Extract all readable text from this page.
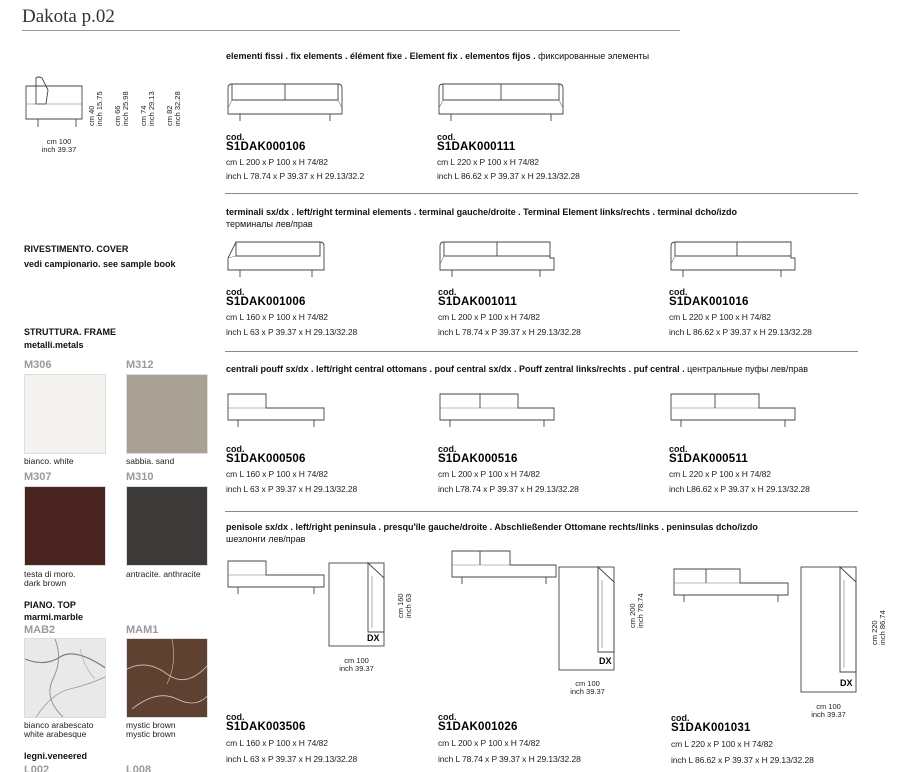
Dakota p.02
cm 100
inch 39.37
cm 40
inch 15.75
cm 66
inch 25.98
cm 74
inch 29.13
cm 82
inch 32.28
RIVESTIMENTO. COVER
vedi campionario. see sample book
STRUTTURA. FRAME
metalli.metals
M306
bianco. white
M312
sabbia. sand
M307
testa di moro.
dark brown
M310
antracite. anthracite
PIANO. TOP
marmi.marble
MAB2
bianco arabescato
white arabesque
MAM1
mystic brown
mystic brown
legni.veneered
L002	L008
elementi fissi . fix elements . élément fixe . Element fix . elementos fijos . фиксированные элементы
cod.
S1DAK000106
cm L 200 x P 100 x H 74/82
inch L 78.74 x P 39.37 x H 29.13/32.2
cod.
S1DAK000111
cm L 220 x P 100 x H 74/82
inch L 86.62 x P 39.37 x H 29.13/32.28
terminali sx/dx . left/right terminal elements . terminal gauche/droite . Terminal Element links/rechts . terminal dcho/izdo
терминалы лев/прав
cod.
S1DAK001006
cm L 160 x P 100 x H 74/82
inch L 63 x P 39.37 x H 29.13/32.28
cod.
S1DAK001011
cm L 200 x P 100 x H 74/82
inch L 78.74 x P 39.37 x H 29.13/32.28
cod.
S1DAK001016
cm L 220 x P 100 x H 74/82
inch L 86.62 x P 39.37 x H 29.13/32.28
centrali pouff sx/dx . left/right central ottomans . pouf central sx/dx . Pouff zentral links/rechts . puf central . центральные пуфы лев/прав
cod.
S1DAK000506
cm L 160 x P 100 x H 74/82
inch L 63 x P 39.37 x H 29.13/32.28
cod.
S1DAK000516
cm L 200 x P 100 x H 74/82
inch L78.74 x P 39.37 x H 29.13/32.28
cod.
S1DAK000511
cm L 220 x P 100 x H 74/82
inch L86.62 x P 39.37 x H 29.13/32.28
penisole sx/dx . left/right peninsula . presqu'île gauche/droite . Abschließender Ottomane rechts/links . peninsulas dcho/izdo
шезлонги лев/прав
DX
cm 160 inch 63
cm 100
inch 39.37
cod.
S1DAK003506
cm L 160 x P 100 x H 74/82
inch L 63 x P 39.37 x H 29.13/32.28
DX
cm 200 inch 78.74
cm 100
inch 39.37
cod.
S1DAK001026
cm L 200 x P 100 x H 74/82
inch L 78.74 x P 39.37 x H 29.13/32.28
DX
cm 220 inch 86.74
cm 100
inch 39.37
cod.
S1DAK001031
cm L 220 x P 100 x H 74/82
inch L 86.62 x P 39.37 x H 29.13/32.28
